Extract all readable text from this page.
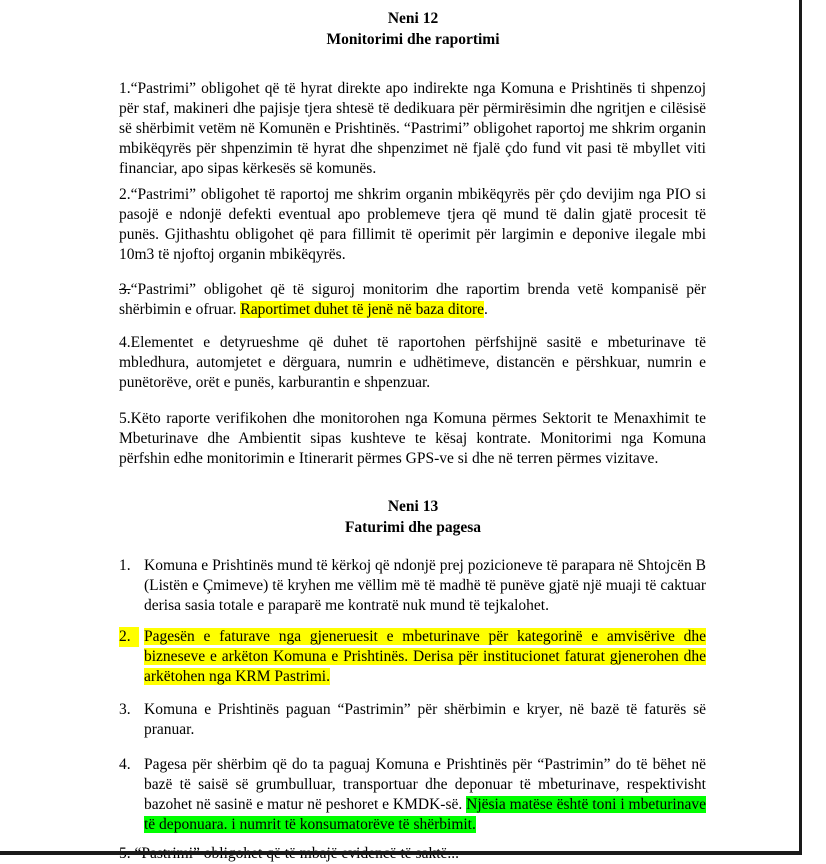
Neni 12
Monitorimi dhe raportimi

1.“Pastrimi” obligohet që të hyrat direkte apo indirekte nga Komuna e Prishtinës ti shpenzoj për staf, makineri dhe pajisje tjera shtesë të dedikuara për përmirësimin dhe ngritjen e cilësisë së shërbimit vetëm në Komunën e Prishtinës. “Pastrimi” obligohet raportoj me shkrim organin mbikëqyrës për shpenzimin të hyrat dhe shpenzimet në fjalë çdo fund vit pasi të mbyllet viti financiar, apo sipas kërkesës së komunës.

2.“Pastrimi” obligohet të raportoj me shkrim organin mbikëqyrës për çdo devijim nga PIO si pasojë e ndonjë defekti eventual apo problemeve tjera që mund të dalin gjatë procesit të punës. Gjithashtu obligohet që para fillimit të operimit për largimin e deponive ilegale mbi 10m3 të njoftoj organin mbikëqyrës.

3.“Pastrimi” obligohet që të siguroj monitorim dhe raportim brenda vetë kompanisë për shërbimin e ofruar. Raportimet duhet të jenë në baza ditore.

4.Elementet e detyrueshme që duhet të raportohen përfshijnë sasitë e mbeturinave të mbledhura, automjetet e dërguara, numrin e udhëtimeve, distancën e përshkuar, numrin e punëtorëve, orët e punës, karburantin e shpenzuar.

5.Këto raporte verifikohen dhe monitorohen nga Komuna përmes Sektorit te Menaxhimit te Mbeturinave dhe Ambientit sipas kushteve te kësaj kontrate. Monitorimi nga Komuna përfshin edhe monitorimin e Itinerarit përmes GPS-ve si dhe në terren përmes vizitave.

Neni 13
Faturimi dhe pagesa
1. Komuna e Prishtinës mund të kërkoj që ndonjë prej pozicioneve të parapara në Shtojcën B (Listën e Çmimeve) të kryhen me vëllim më të madhë të punëve gjatë një muaji të caktuar derisa sasia totale e paraparë me kontratë nuk mund të tejkalohet.
2. Pagesën e faturave nga gjeneruesit e mbeturinave për kategorinë e amvisërive dhe bizneseve e arkëton Komuna e Prishtinës. Derisa për institucionet faturat gjenerohen dhe arkëtohen nga KRM Pastrimi.
3. Komuna e Prishtinës paguan “Pastrimin” për shërbimin e kryer, në bazë të faturës së pranuar.
4. Pagesa për shërbim që do ta paguaj Komuna e Prishtinës për “Pastrimin” do të bëhet në bazë të saisë së grumbulluar, transportuar dhe deponuar të mbeturinave, respektivisht bazohet në sasinë e matur në peshoret e KMDK-së. Njësia matëse është toni i mbeturinave të deponuara. i numrit të konsumatorëve të shërbimit.
